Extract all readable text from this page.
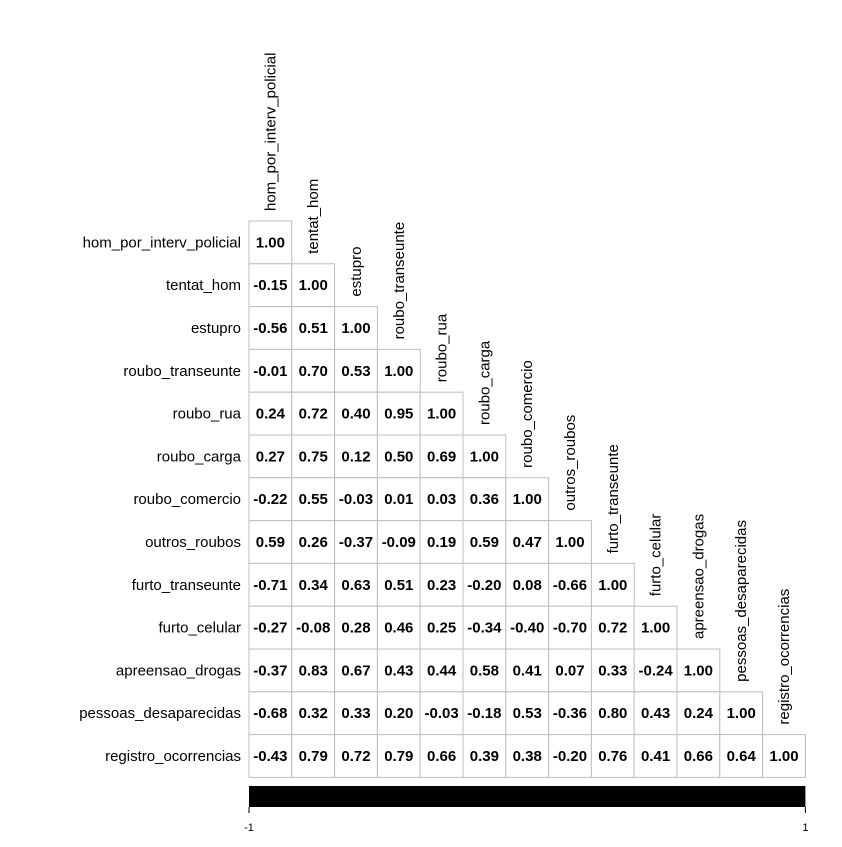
hom_por_interv_policial
tentat_hom
estupro roubo_transeunte
roubo_rua roubo_carga roubo_comercio outros_roubos furto_transeunte
furto_celular apreensao_drogas pessoas_desaparecidas registro_ocorrencias
hom_por_interv_policial
tentat_hom
estupro
roubo_transeunte
roubo_rua
roubo_carga
roubo_comercio
outros_roubos
furto_transeunte
furto_celular
apreensao_drogas
pessoas_desaparecidas
registro_ocorrencias
1.00
-0.15 1.00
-0.56 0.51 1.00
-0.01 0.70 0.53 1.00
0.24 0.72 0.40 0.95 1.00
0.27 0.75 0.12 0.50 0.69 1.00
-0.22 0.55 -0.03 0.01 0.03 0.36 1.00
0.59 0.26 -0.37 -0.09 0.19 0.59 0.47 1.00
-0.71 0.34 0.63 0.51 0.23 -0.20 0.08 -0.66 1.00
-0.27 -0.08 0.28 0.46 0.25 -0.34 -0.40 -0.70 0.72 1.00
-0.37 0.83 0.67 0.43 0.44 0.58 0.41 0.07 0.33 -0.24 1.00
-0.68 0.32 0.33 0.20 -0.03 -0.18 0.53 -0.36 0.80 0.43 0.24 1.00
-0.43 0.79 0.72 0.79 0.66 0.39 0.38 -0.20 0.76 0.41 0.66 0.64 1.00
-1	1
